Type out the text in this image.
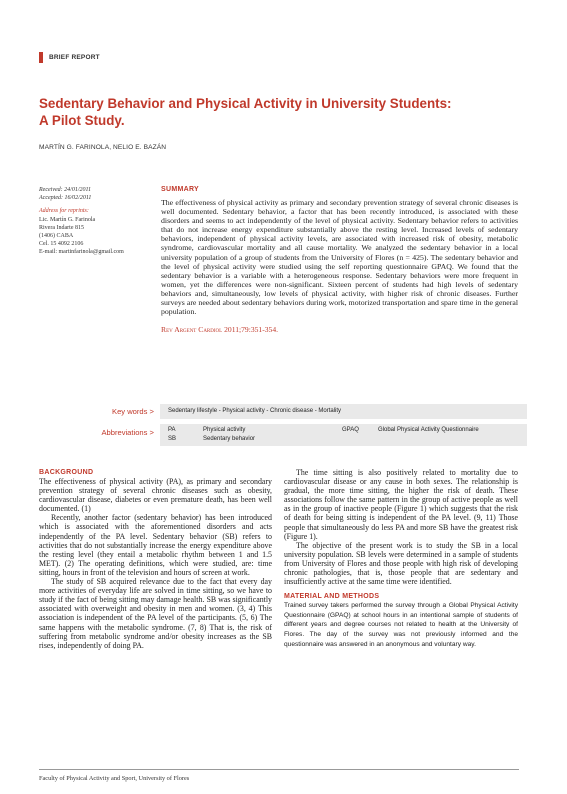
BRIEF REPORT
Sedentary Behavior and Physical Activity in University Students:
A Pilot Study.
MARTÍN G. FARINOLA, NELIO E. BAZÁN
Received: 24/01/2011
Accepted: 16/02/2011
Address for reprints:
Lic. Martín G. Farinola
Rivera Indarte 815
(1406) CABA
Cel. 15 4092 2106
E-mail: martinfarinola@gmail.com
SUMMARY

The effectiveness of physical activity as primary and secondary prevention strategy of several chronic diseases is well documented. Sedentary behavior, a factor that has been recently introduced, is associated with these disorders and seems to act independently of the level of physical activity. Sedentary behavior refers to activities that do not increase energy expenditure substantially above the resting level. Increased levels of sedentary behaviors, independent of physical activity levels, are associated with increased risk of obesity, metabolic syndrome, cardiovascular mortality and all cause mortality. We analyzed the sedentary behavior in a local university population of a group of students from the University of Flores (n = 425). The sedentary behavior and the level of physical activity were studied using the self reporting questionnaire GPAQ. We found that the sedentary behavior is a variable with a heterogeneous response. Sedentary behaviors were more frequent in women, yet the differences were non-significant. Sixteen percent of students had high levels of sedentary behaviors and, simultaneously, low levels of physical activity, with higher risk of chronic diseases. Further surveys are needed about sedentary behaviors during work, motorized transportation and spare time in the general population.

Rev Argent Cardiol 2011;79:351-354.
Key words > Sedentary lifestyle - Physical activity - Chronic disease - Mortality
Abbreviations > PA	Physical activity
SB	Sedentary behavior
GPAQ	Global Physical Activity Questionnaire
BACKGROUND

The effectiveness of physical activity (PA), as primary and secondary prevention strategy of several chronic diseases such as obesity, cardiovascular disease, diabetes or even premature death, has been well documented. (1)

Recently, another factor (sedentary behavior) has been introduced which is associated with the aforementioned disorders and acts independently of the PA level. Sedentary behavior (SB) refers to activities that do not substantially increase the energy expenditure above the resting level (they entail a metabolic rhythm between 1 and 1.5 MET). (2) The operating definitions, which were studied, are: time sitting, hours in front of the television and hours of screen at work.

The study of SB acquired relevance due to the fact that every day more activities of everyday life are solved in time sitting, so we have to study if the fact of being sitting may damage health. SB was significantly associated with overweight and obesity in men and women. (3, 4) This association is independent of the PA level of the participants. (5, 6) The same happens with the metabolic syndrome. (7, 8) That is, the risk of suffering from metabolic syndrome and/or obesity increases as the SB rises, independently of doing PA.

The time sitting is also positively related to mortality due to cardiovascular disease or any cause in both sexes. The relationship is gradual, the more time sitting, the higher the risk of death. These associations follow the same pattern in the group of active people as well as in the group of inactive people (Figure 1) which suggests that the risk of death for being sitting is independent of the PA level. (9, 11) Those people that simultaneously do less PA and more SB have the greatest risk (Figure 1).

The objective of the present work is to study the SB in a local university population. SB levels were determined in a sample of students from University of Flores and those people with high risk of developing chronic pathologies, that is, those people that are sedentary and insufficiently active at the same time were identified.

MATERIAL AND METHODS

Trained survey takers performed the survey through a Global Physical Activity Questionnaire (GPAQ) at school hours in an intentional sample of students of different years and degree courses not related to health at the University of Flores. The day of the survey was not previously informed and the questionnaire was answered in an anonymous and voluntary way.

Faculty of Physical Activity and Sport, University of Flores
